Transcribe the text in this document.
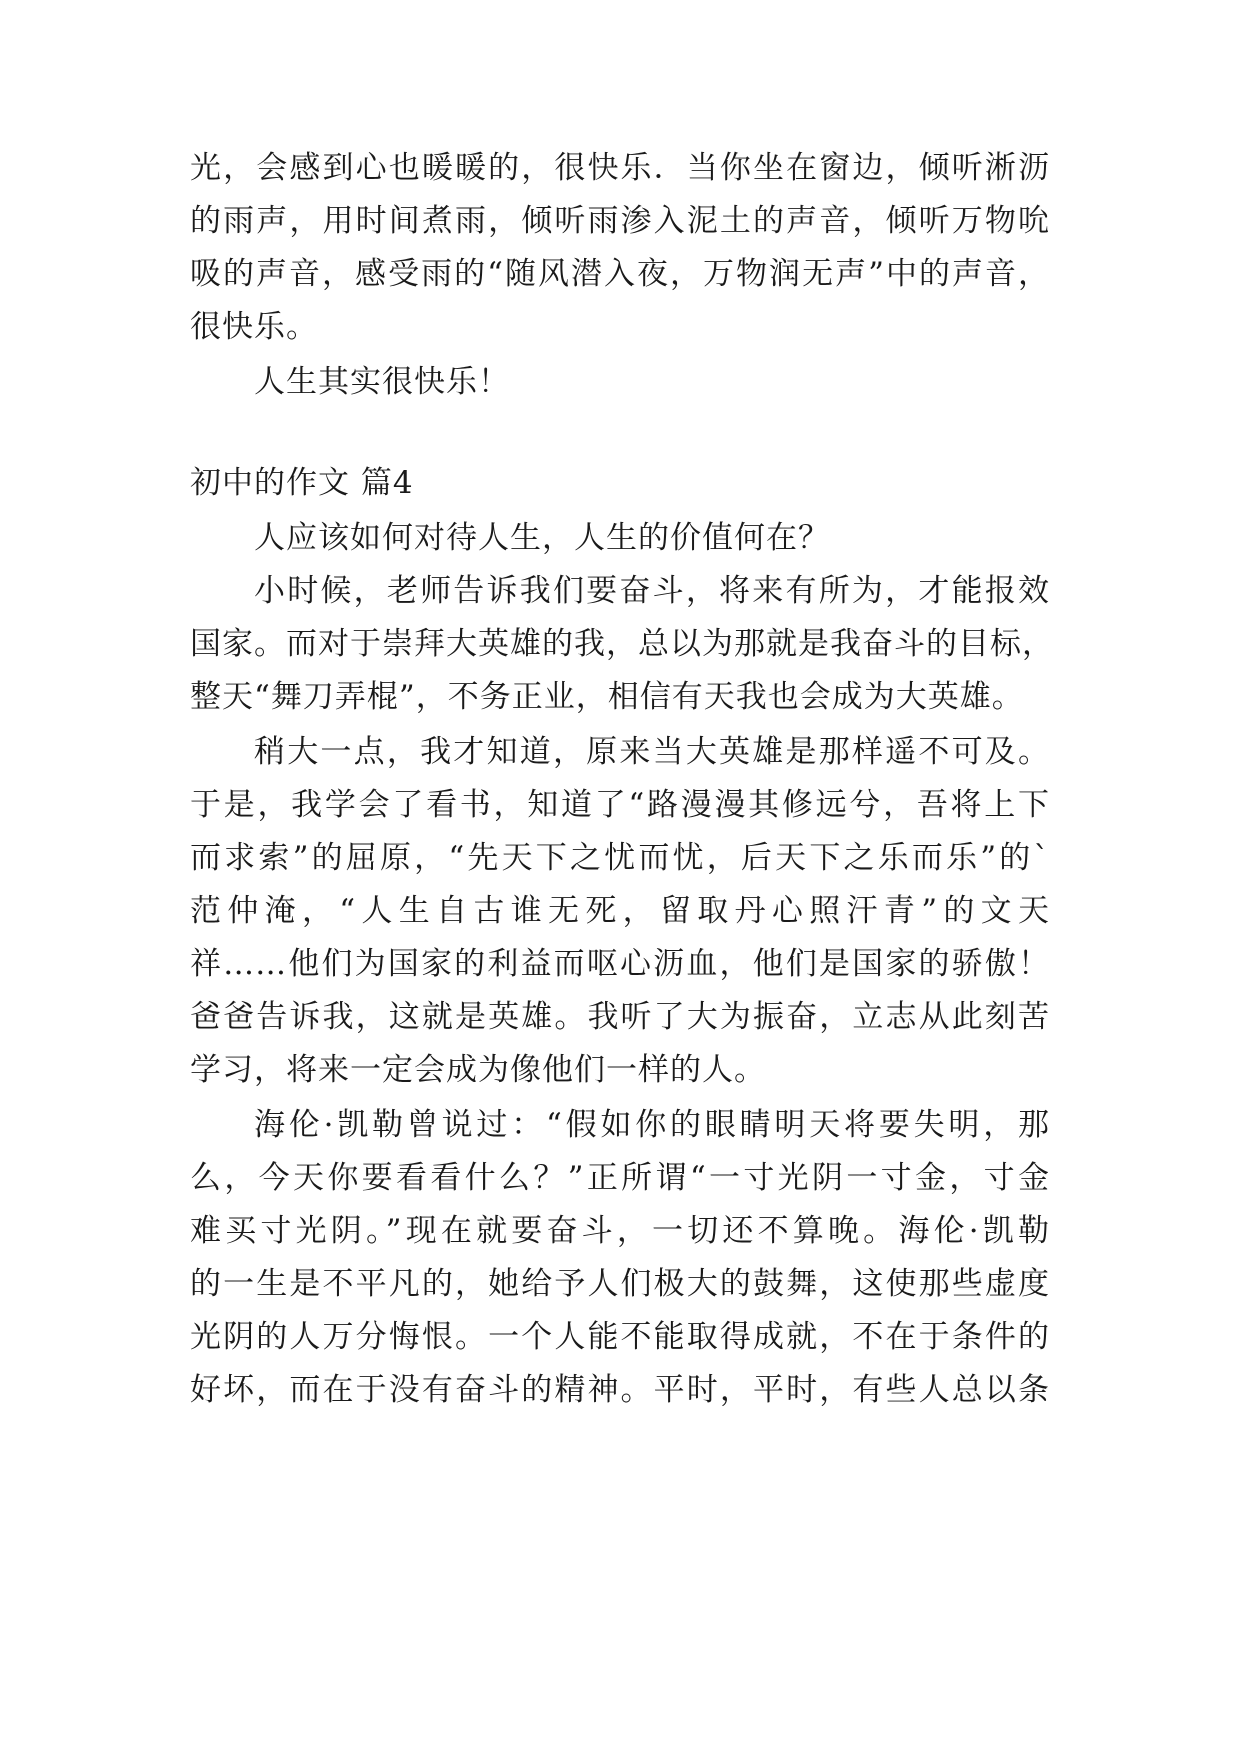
光，会感到心也暖暖的，很快乐．当你坐在窗边，倾听淅沥
的雨声，用时间煮雨，倾听雨渗入泥土的声音，倾听万物吮
吸的声音，感受雨的“随风潜入夜，万物润无声”中的声音，
很快乐。
人生其实很快乐！
初中的作文 篇4
人应该如何对待人生，人生的价值何在？
小时候，老师告诉我们要奋斗，将来有所为，才能报效
国家。而对于崇拜大英雄的我，总以为那就是我奋斗的目标，
整天“舞刀弄棍”，不务正业，相信有天我也会成为大英雄。
稍大一点，我才知道，原来当大英雄是那样遥不可及。
于是，我学会了看书，知道了“路漫漫其修远兮，吾将上下
而求索”的屈原，“先天下之忧而忧，后天下之乐而乐”的`
范仲淹，“人生自古谁无死，留取丹心照汗青”的文天
祥……他们为国家的利益而呕心沥血，他们是国家的骄傲！
爸爸告诉我，这就是英雄。我听了大为振奋，立志从此刻苦
学习，将来一定会成为像他们一样的人。
海伦·凯勒曾说过：“假如你的眼睛明天将要失明，那
么，今天你要看看什么？”正所谓“一寸光阴一寸金，寸金
难买寸光阴。”现在就要奋斗，一切还不算晚。海伦·凯勒
的一生是不平凡的，她给予人们极大的鼓舞，这使那些虚度
光阴的人万分悔恨。一个人能不能取得成就，不在于条件的
好坏，而在于没有奋斗的精神。平时，平时，有些人总以条
